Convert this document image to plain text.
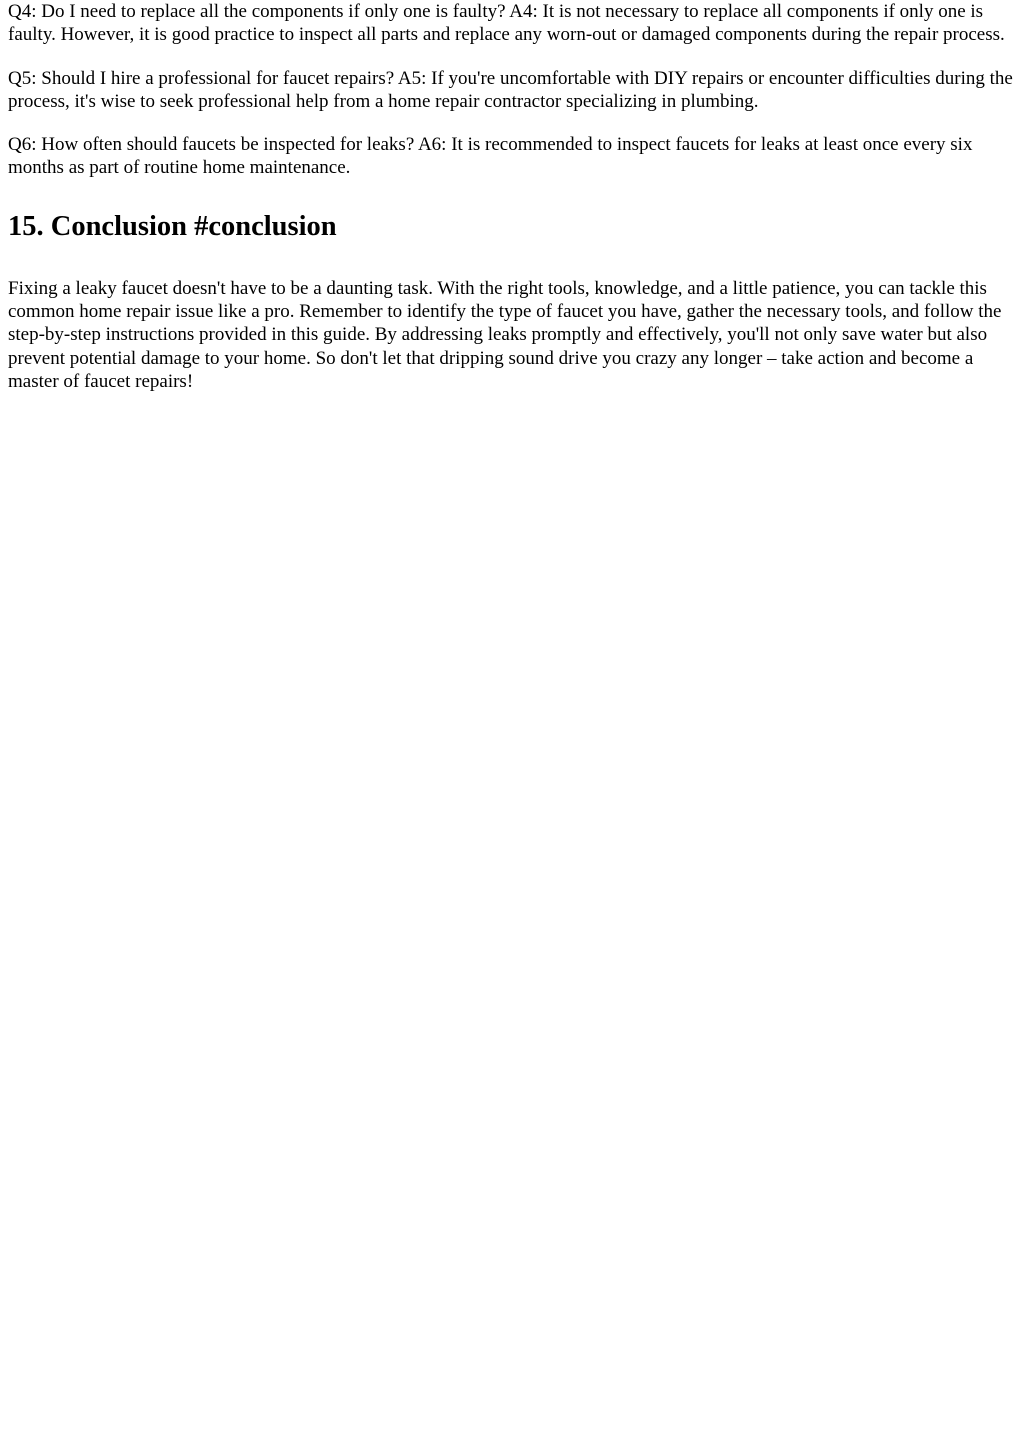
Q4: Do I need to replace all the components if only one is faulty? A4: It is not necessary to replace all components if only one is faulty. However, it is good practice to inspect all parts and replace any worn-out or damaged components during the repair process.

Q5: Should I hire a professional for faucet repairs? A5: If you're uncomfortable with DIY repairs or encounter difficulties during the process, it's wise to seek professional help from a home repair contractor specializing in plumbing.

Q6: How often should faucets be inspected for leaks? A6: It is recommended to inspect faucets for leaks at least once every six months as part of routine home maintenance.

15. Conclusion #conclusion

Fixing a leaky faucet doesn't have to be a daunting task. With the right tools, knowledge, and a little patience, you can tackle this common home repair issue like a pro. Remember to identify the type of faucet you have, gather the necessary tools, and follow the step-by-step instructions provided in this guide. By addressing leaks promptly and effectively, you'll not only save water but also prevent potential damage to your home. So don't let that dripping sound drive you crazy any longer – take action and become a master of faucet repairs!
